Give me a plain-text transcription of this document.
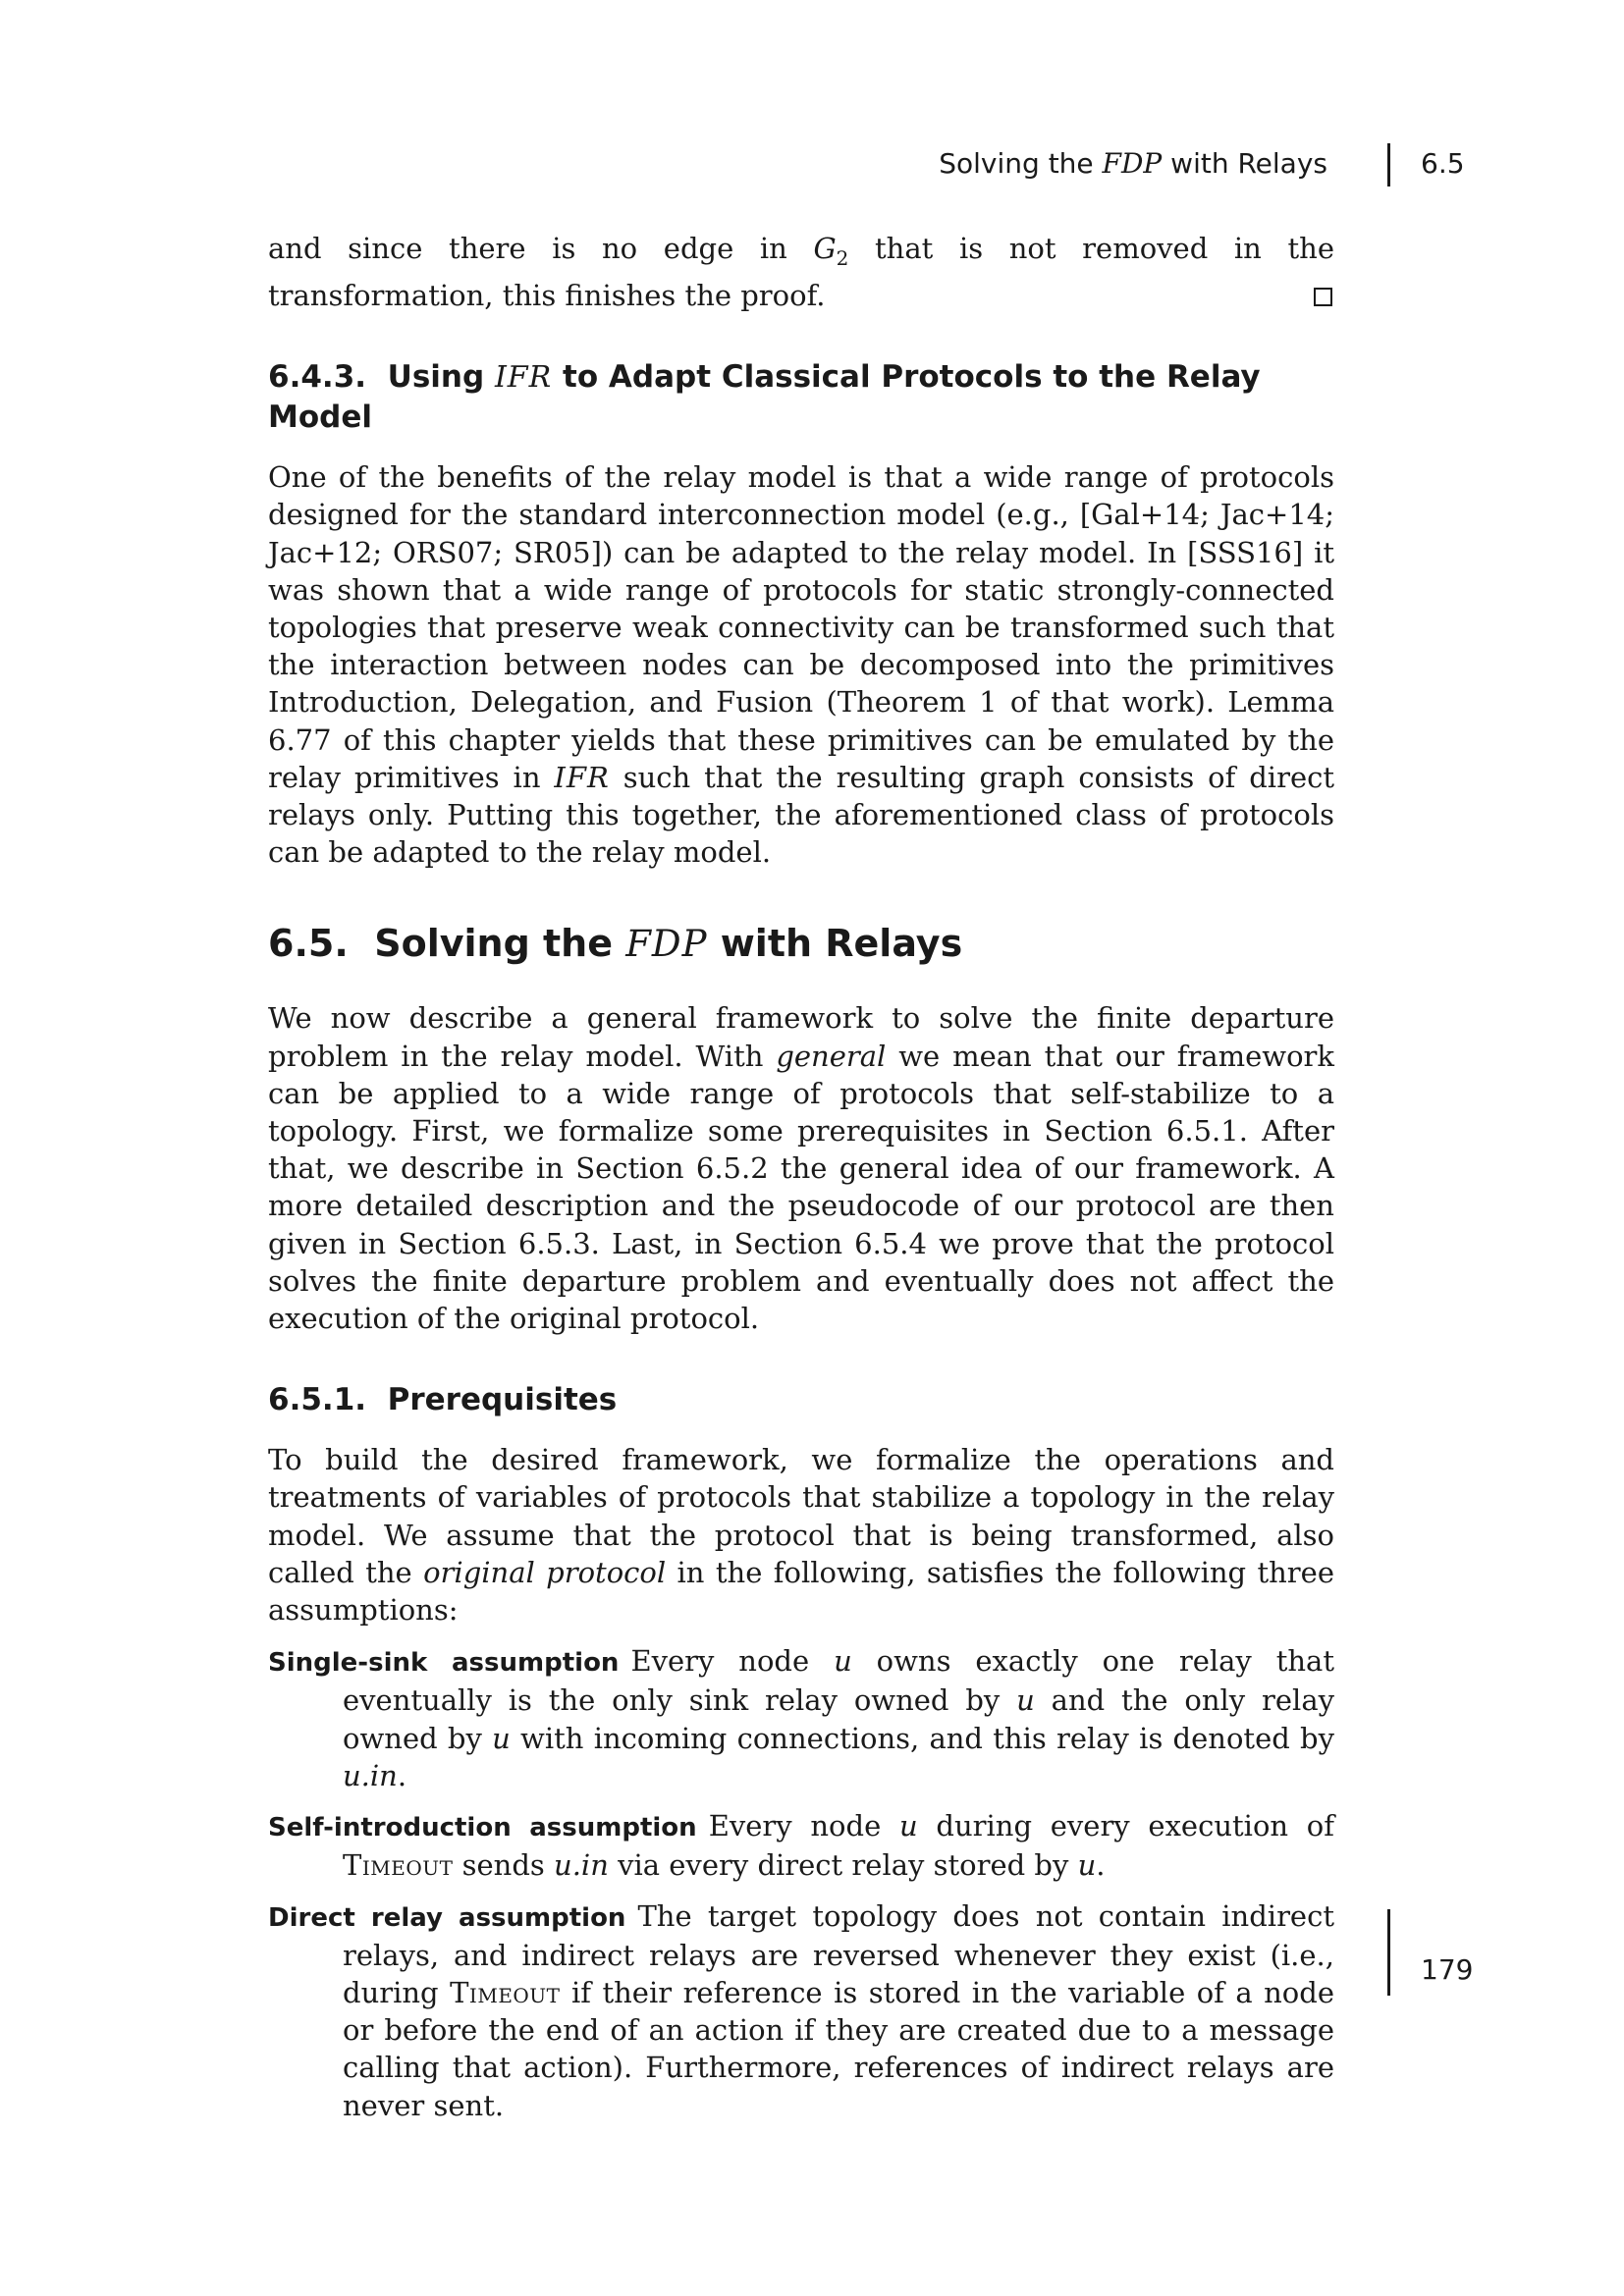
Solving the FDP with Relays	6.5

and since there is no edge in $G_2$ that is not removed in the transformation, this finishes the proof.

6.4.3. Using IFR to Adapt Classical Protocols to the Relay Model

One of the benefits of the relay model is that a wide range of protocols designed for the standard interconnection model (e.g., [Gal+14; Jac+14; Jac+12; ORS07; SR05]) can be adapted to the relay model. In [SSS16] it was shown that a wide range of protocols for static strongly-connected topologies that preserve weak connectivity can be transformed such that the interaction between nodes can be decomposed into the primitives Introduction, Delegation, and Fusion (Theorem 1 of that work). Lemma 6.77 of this chapter yields that these primitives can be emulated by the relay primitives in IFR such that the resulting graph consists of direct relays only. Putting this together, the aforementioned class of protocols can be adapted to the relay model.

6.5. Solving the FDP with Relays

We now describe a general framework to solve the finite departure problem in the relay model. With general we mean that our framework can be applied to a wide range of protocols that self-stabilize to a topology. First, we formalize some prerequisites in Section 6.5.1. After that, we describe in Section 6.5.2 the general idea of our framework. A more detailed description and the pseudocode of our protocol are then given in Section 6.5.3. Last, in Section 6.5.4 we prove that the protocol solves the finite departure problem and eventually does not affect the execution of the original protocol.

6.5.1. Prerequisites

To build the desired framework, we formalize the operations and treatments of variables of protocols that stabilize a topology in the relay model. We assume that the protocol that is being transformed, also called the original protocol in the following, satisfies the following three assumptions:

Single-sink assumption Every node u owns exactly one relay that eventually is the only sink relay owned by u and the only relay owned by u with incoming connections, and this relay is denoted by u.in.
Self-introduction assumption Every node u during every execution of Timeout sends u.in via every direct relay stored by u.
Direct relay assumption The target topology does not contain indirect relays, and indirect relays are reversed whenever they exist (i.e., during Timeout if their reference is stored in the variable of a node or before the end of an action if they are created due to a message calling that action). Furthermore, references of indirect relays are never sent.
179
